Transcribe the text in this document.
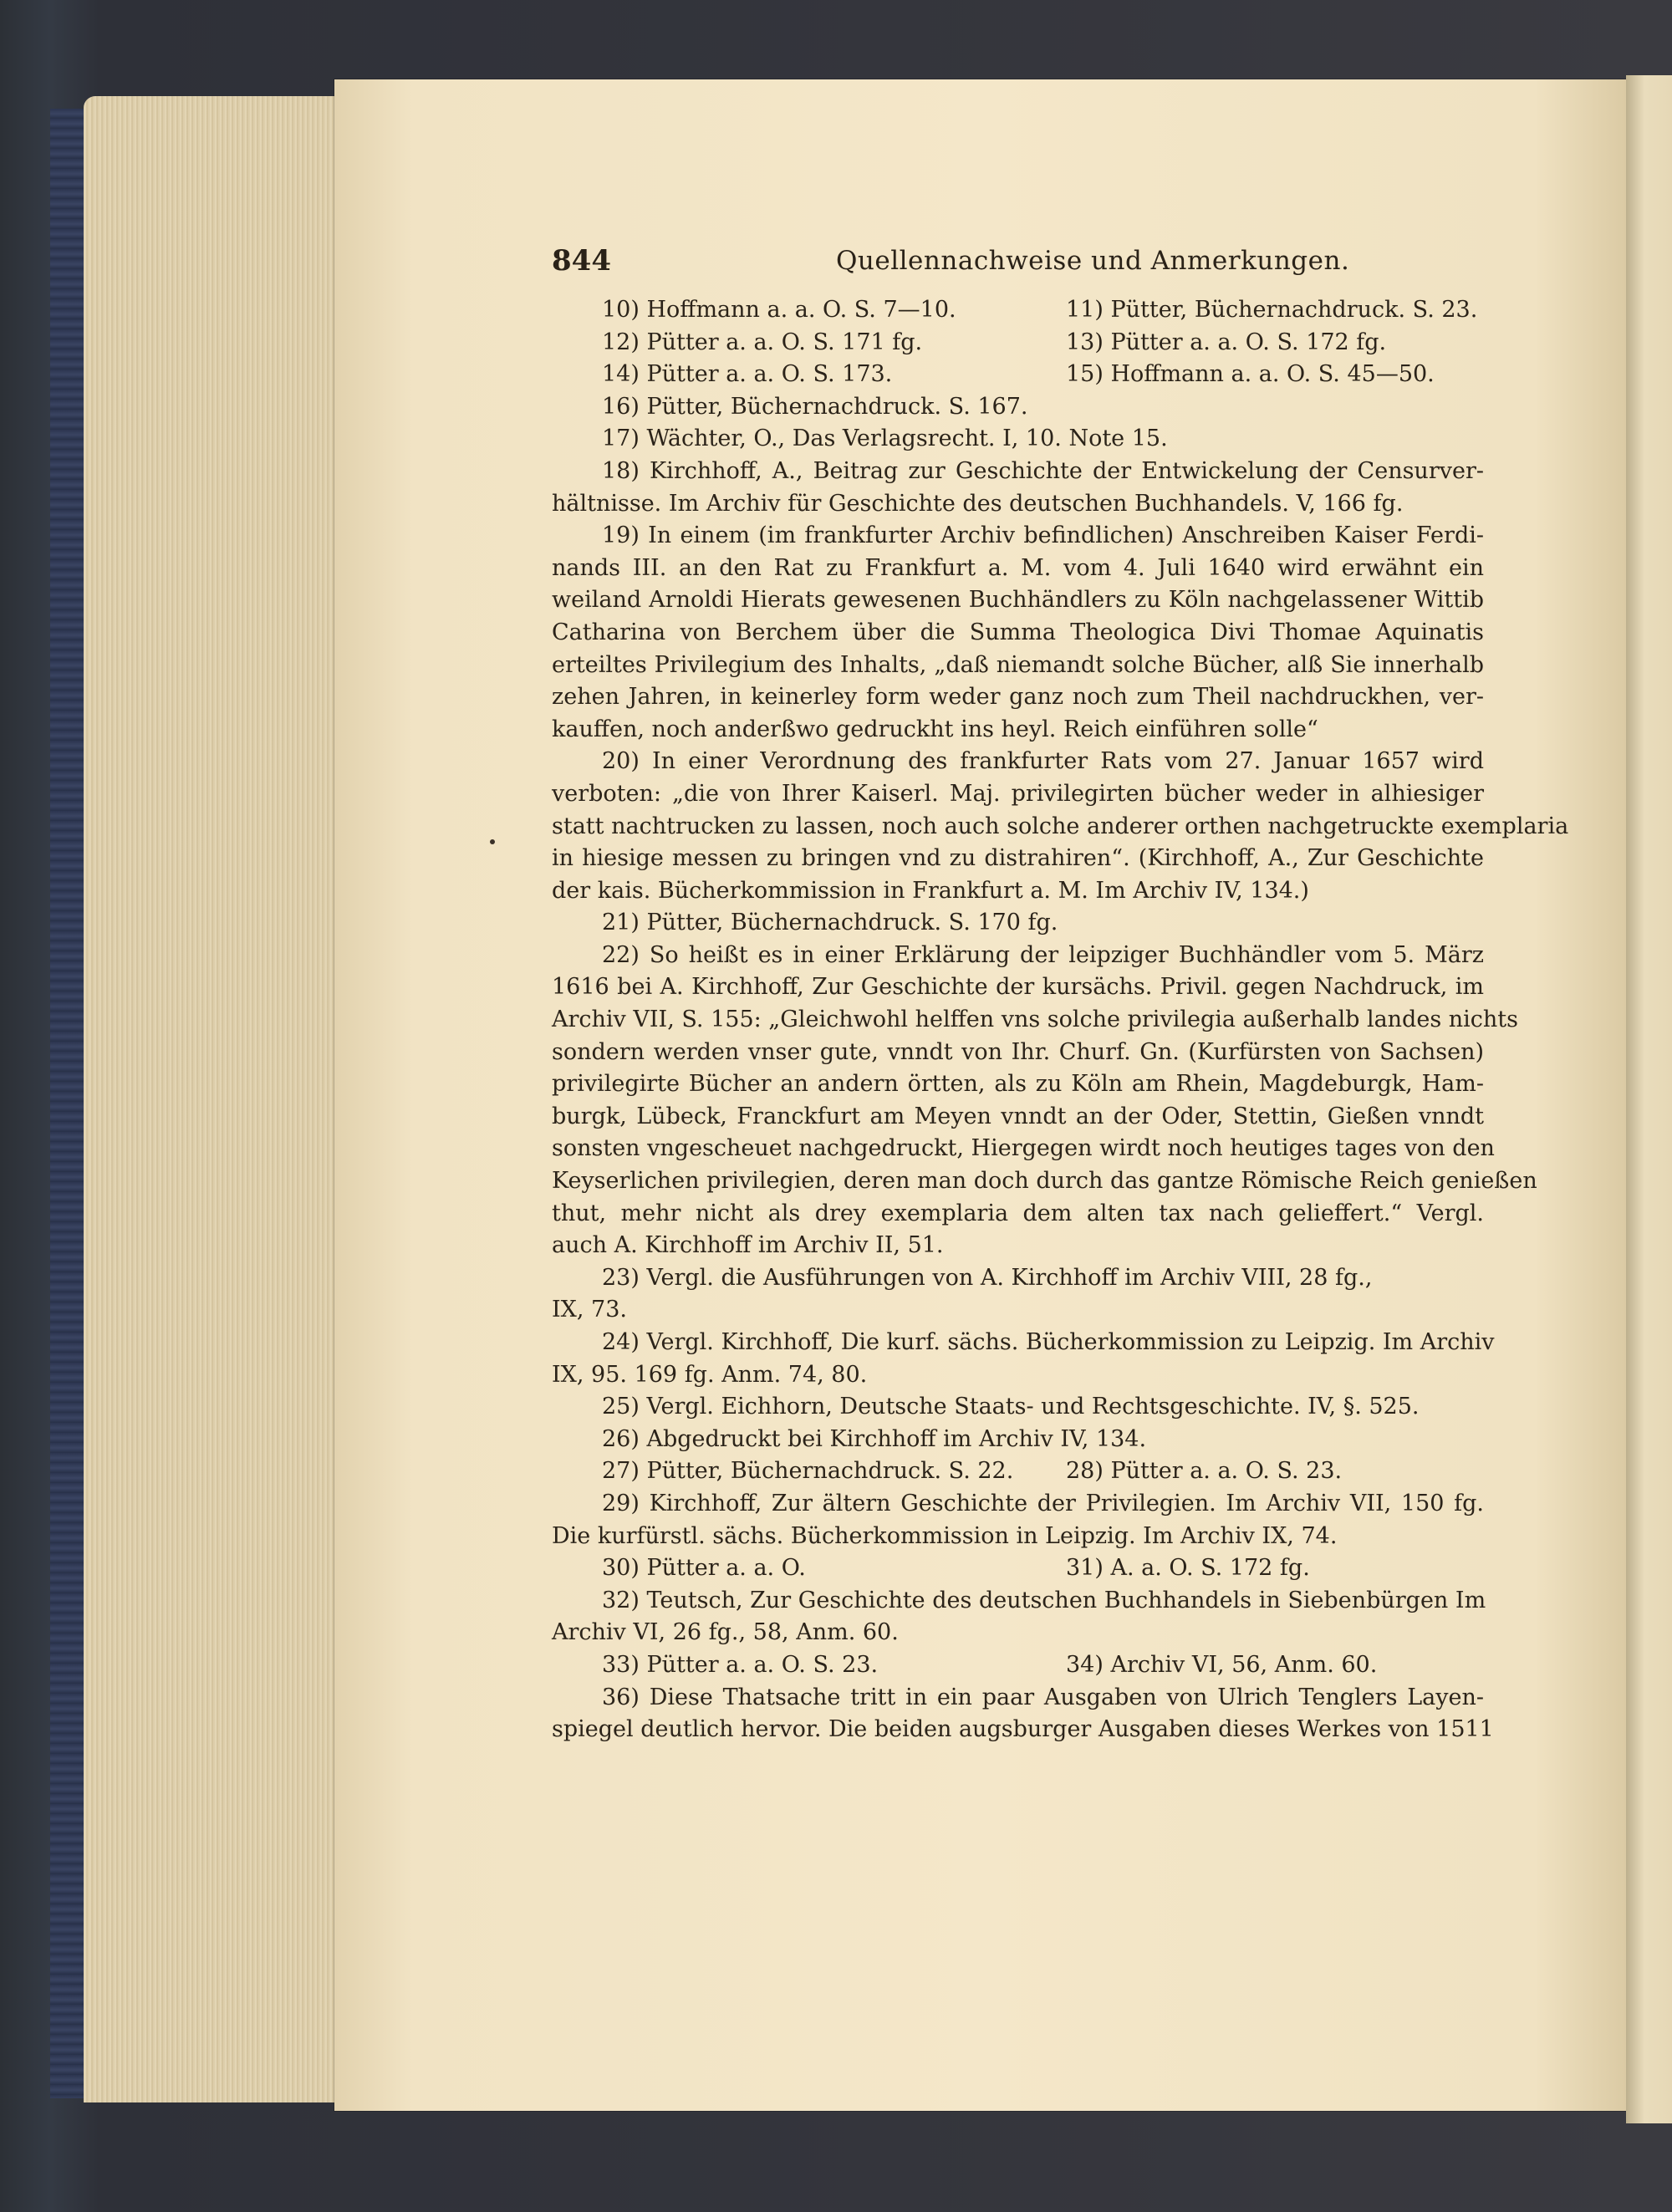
844	Quellennachweise und Anmerkungen.
10) Hoffmann a. a. O. S. 7—10.	11) Pütter, Büchernachdruck. S. 23.
12) Pütter a. a. O. S. 171 fg.	13) Pütter a. a. O. S. 172 fg.
14) Pütter a. a. O. S. 173.	15) Hoffmann a. a. O. S. 45—50.
16) Pütter, Büchernachdruck. S. 167.
17) Wächter, O., Das Verlagsrecht. I, 10. Note 15.
18) Kirchhoff, A., Beitrag zur Geschichte der Entwickelung der Censurver-
hältnisse. Im Archiv für Geschichte des deutschen Buchhandels. V, 166 fg.
19) In einem (im frankfurter Archiv befindlichen) Anschreiben Kaiser Ferdi-
nands III. an den Rat zu Frankfurt a. M. vom 4. Juli 1640 wird erwähnt ein
weiland Arnoldi Hierats gewesenen Buchhändlers zu Köln nachgelassener Wittib
Catharina von Berchem über die Summa Theologica Divi Thomae Aquinatis
erteiltes Privilegium des Inhalts, „daß niemandt solche Bücher, alß Sie innerhalb
zehen Jahren, in keinerley form weder ganz noch zum Theil nachdruckhen, ver-
kauffen, noch anderßwo gedruckht ins heyl. Reich einführen solle“
20) In einer Verordnung des frankfurter Rats vom 27. Januar 1657 wird
verboten: „die von Ihrer Kaiserl. Maj. privilegirten bücher weder in alhiesiger
statt nachtrucken zu lassen, noch auch solche anderer orthen nachgetruckte exemplaria
in hiesige messen zu bringen vnd zu distrahiren“. (Kirchhoff, A., Zur Geschichte
der kais. Bücherkommission in Frankfurt a. M. Im Archiv IV, 134.)
21) Pütter, Büchernachdruck. S. 170 fg.
22) So heißt es in einer Erklärung der leipziger Buchhändler vom 5. März
1616 bei A. Kirchhoff, Zur Geschichte der kursächs. Privil. gegen Nachdruck, im
Archiv VII, S. 155: „Gleichwohl helffen vns solche privilegia außerhalb landes nichts
sondern werden vnser gute, vnndt von Ihr. Churf. Gn. (Kurfürsten von Sachsen)
privilegirte Bücher an andern örtten, als zu Köln am Rhein, Magdeburgk, Ham-
burgk, Lübeck, Franckfurt am Meyen vnndt an der Oder, Stettin, Gießen vnndt
sonsten vngescheuet nachgedruckt, Hiergegen wirdt noch heutiges tages von den
Keyserlichen privilegien, deren man doch durch das gantze Römische Reich genießen
thut, mehr nicht als drey exemplaria dem alten tax nach gelieffert.“ Vergl.
auch A. Kirchhoff im Archiv II, 51.
23) Vergl. die Ausführungen von A. Kirchhoff im Archiv VIII, 28 fg.,
IX, 73.
24) Vergl. Kirchhoff, Die kurf. sächs. Bücherkommission zu Leipzig. Im Archiv
IX, 95. 169 fg. Anm. 74, 80.
25) Vergl. Eichhorn, Deutsche Staats- und Rechtsgeschichte. IV, §. 525.
26) Abgedruckt bei Kirchhoff im Archiv IV, 134.
27) Pütter, Büchernachdruck. S. 22.	28) Pütter a. a. O. S. 23.
29) Kirchhoff, Zur ältern Geschichte der Privilegien. Im Archiv VII, 150 fg.
Die kurfürstl. sächs. Bücherkommission in Leipzig. Im Archiv IX, 74.
30) Pütter a. a. O.	31) A. a. O. S. 172 fg.
32) Teutsch, Zur Geschichte des deutschen Buchhandels in Siebenbürgen Im
Archiv VI, 26 fg., 58, Anm. 60.
33) Pütter a. a. O. S. 23.	34) Archiv VI, 56, Anm. 60.
36) Diese Thatsache tritt in ein paar Ausgaben von Ulrich Tenglers Layen-
spiegel deutlich hervor. Die beiden augsburger Ausgaben dieses Werkes von 1511
